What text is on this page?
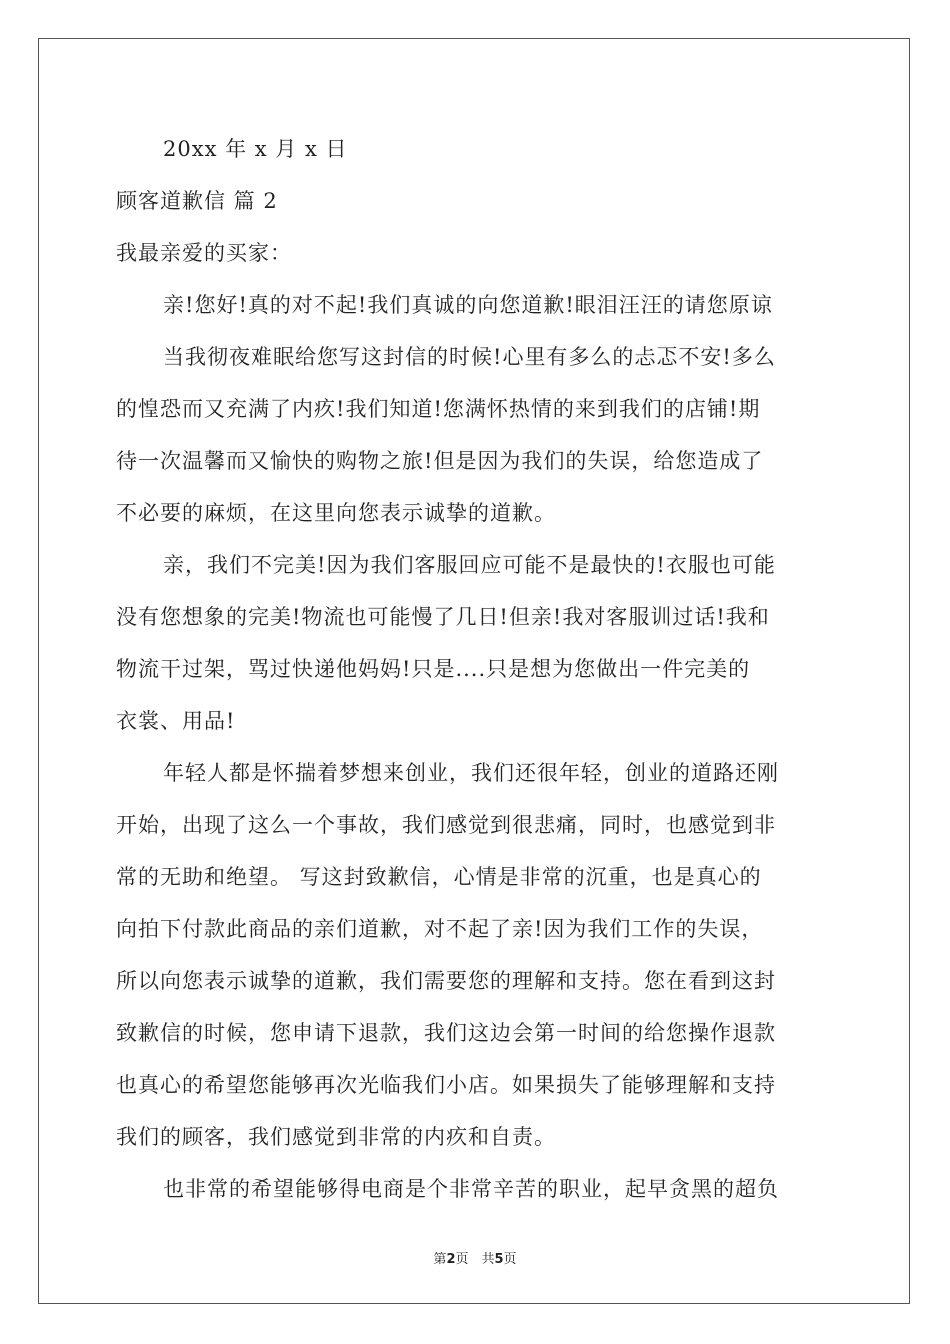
20xx 年 x 月 x 日
顾客道歉信 篇 2
我最亲爱的买家：
亲!您好!真的对不起!我们真诚的向您道歉!眼泪汪汪的请您原谅
当我彻夜难眠给您写这封信的时候!心里有多么的忐忑不安!多么
的惶恐而又充满了内疚!我们知道!您满怀热情的来到我们的店铺!期
待一次温馨而又愉快的购物之旅!但是因为我们的失误，给您造成了
不必要的麻烦，在这里向您表示诚挚的道歉。
亲，我们不完美!因为我们客服回应可能不是最快的!衣服也可能
没有您想象的完美!物流也可能慢了几日!但亲!我对客服训过话!我和
物流干过架，骂过快递他妈妈!只是....只是想为您做出一件完美的
衣裳、用品!
年轻人都是怀揣着梦想来创业，我们还很年轻，创业的道路还刚
开始，出现了这么一个事故，我们感觉到很悲痛，同时，也感觉到非
常的无助和绝望。 写这封致歉信，心情是非常的沉重，也是真心的
向拍下付款此商品的亲们道歉，对不起了亲!因为我们工作的失误，
所以向您表示诚挚的道歉，我们需要您的理解和支持。您在看到这封
致歉信的时候，您申请下退款，我们这边会第一时间的给您操作退款
也真心的希望您能够再次光临我们小店。如果损失了能够理解和支持
我们的顾客，我们感觉到非常的内疚和自责。
也非常的希望能够得电商是个非常辛苦的职业，起早贪黑的超负
第2页　共5页
